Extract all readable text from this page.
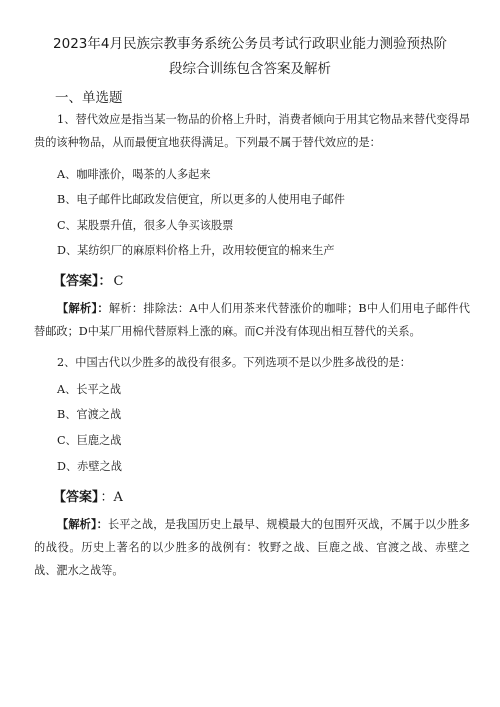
2023年4月民族宗教事务系统公务员考试行政职业能力测验预热阶
段综合训练包含答案及解析
一、单选题
1、替代效应是指当某一物品的价格上升时，消费者倾向于用其它物品来替代变得昂贵的该种物品，从而最便宜地获得满足。下列最不属于替代效应的是：
A、咖啡涨价，喝茶的人多起来
B、电子邮件比邮政发信便宜，所以更多的人使用电子邮件
C、某股票升值，很多人争买该股票
D、某纺织厂的麻原料价格上升，改用较便宜的棉来生产
【答案】： C
【解析】：解析：排除法：A中人们用茶来代替涨价的咖啡；B中人们用电子邮件代替邮政；D中某厂用棉代替原料上涨的麻。而C并没有体现出相互替代的关系。
2、中国古代以少胜多的战役有很多。下列选项不是以少胜多战役的是：
A、长平之战
B、官渡之战
C、巨鹿之战
D、赤壁之战
【答案】 ：A
【解析】：长平之战，是我国历史上最早、规模最大的包围歼灭战，不属于以少胜多的战役。历史上著名的以少胜多的战例有：牧野之战、巨鹿之战、官渡之战、赤壁之战、淝水之战等。
